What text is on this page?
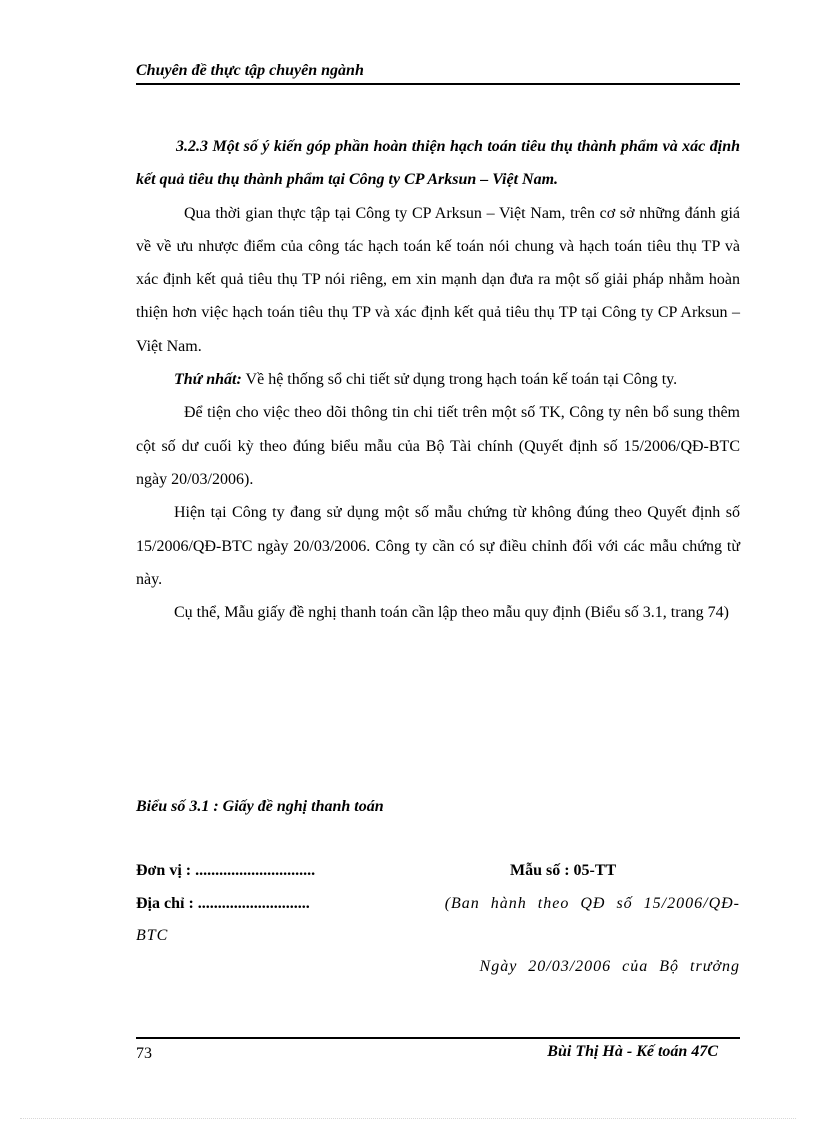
Chuyên đề thực tập chuyên ngành

3.2.3 Một số ý kiến góp phần hoàn thiện hạch toán tiêu thụ thành phẩm và xác định kết quả tiêu thụ thành phẩm tại Công ty CP Arksun – Việt Nam.

Qua thời gian thực tập tại Công ty CP Arksun – Việt Nam, trên cơ sở những đánh giá về về ưu nhược điểm của công tác hạch toán kế toán nói chung và hạch toán tiêu thụ TP và xác định kết quả tiêu thụ TP nói riêng, em xin mạnh dạn đưa ra một số giải pháp nhằm hoàn thiện hơn việc hạch toán tiêu thụ TP và xác định kết quả tiêu thụ TP tại Công ty CP Arksun – Việt Nam.

Thứ nhất: Về hệ thống sổ chi tiết sử dụng trong hạch toán kế toán tại Công ty.

Để tiện cho việc theo dõi thông tin chi tiết trên một số TK, Công ty nên bổ sung thêm cột số dư cuối kỳ theo đúng biểu mẫu của Bộ Tài chính (Quyết định số 15/2006/QĐ-BTC ngày 20/03/2006).

Hiện tại Công ty đang sử dụng một số mẫu chứng từ không đúng theo Quyết định số 15/2006/QĐ-BTC ngày 20/03/2006. Công ty cần có sự điều chỉnh đối với các mẫu chứng từ này.

Cụ thể, Mẫu giấy đề nghị thanh toán cần lập theo mẫu quy định (Biểu số 3.1, trang 74)

Biểu số 3.1 : Giấy đề nghị thanh toán
Đơn vị : ..............................	Mẫu số : 05-TT
Địa chỉ : ............................	(Ban hành theo QĐ số 15/2006/QĐ-
BTC
Ngày 20/03/2006 của Bộ trưởng
73	Bùi Thị Hà - Kế toán 47C
